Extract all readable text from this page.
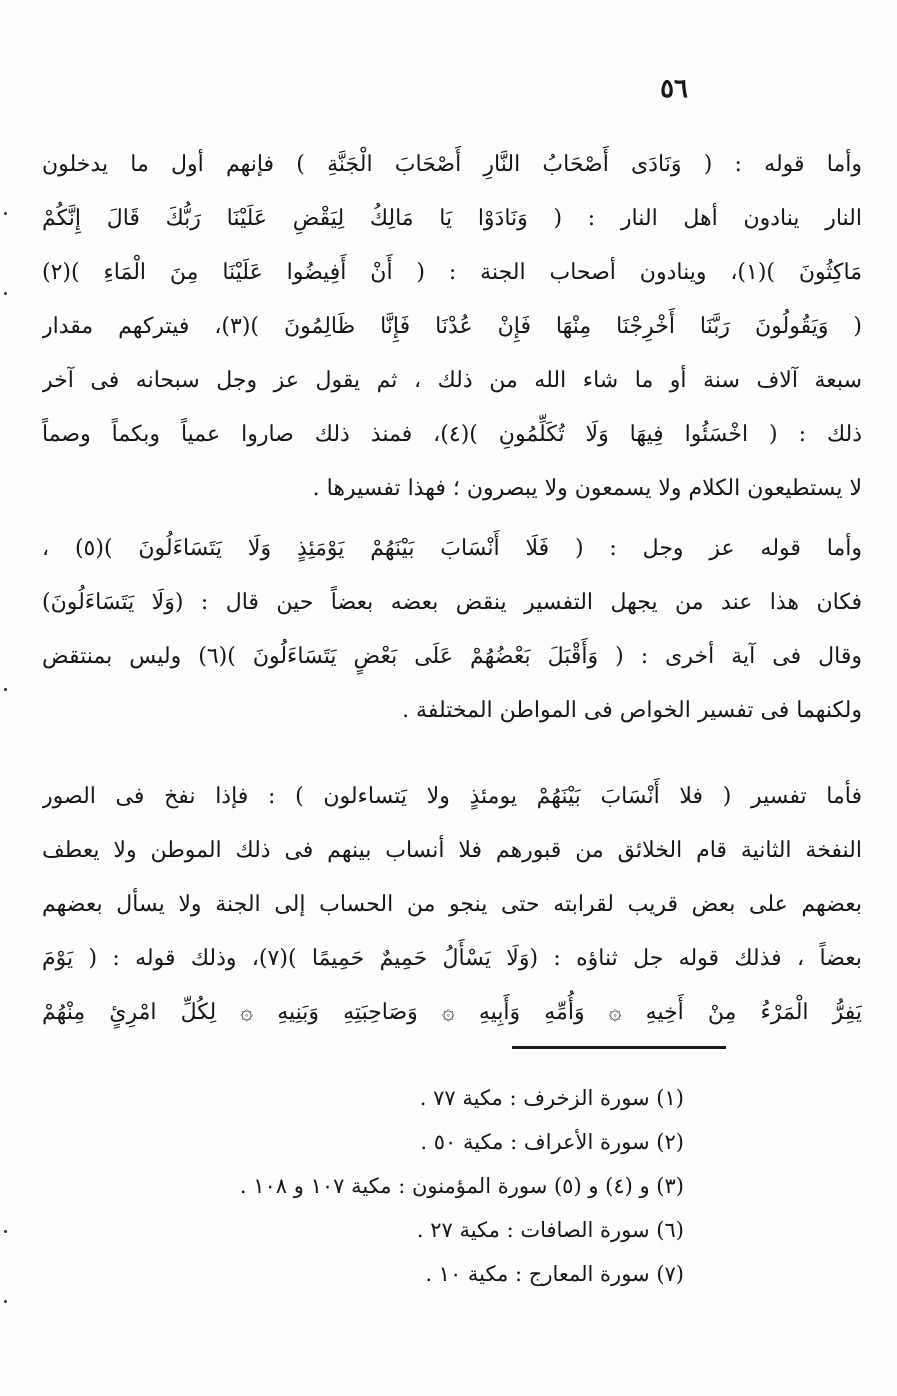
٥٦
وأما قوله : ( وَنَادَى أَصْحَابُ النَّارِ أَصْحَابَ الْجَنَّةِ ) فإنهم أول ما يدخلون
النار ينادون أهل النار : ( وَنَادَوْا يَا مَالِكُ لِيَقْضِ عَلَيْنَا رَبُّكَ قَالَ إِنَّكُمْ
مَاكِثُونَ )(١)، وينادون أصحاب الجنة : ( أَنْ أَفِيضُوا عَلَيْنَا مِنَ الْمَاءِ )(٢)
( وَيَقُولُونَ رَبَّنَا أَخْرِجْنَا مِنْهَا فَإِنْ عُدْنَا فَإِنَّا ظَالِمُونَ )(٣)، فيتركهم مقدار
سبعة آلاف سنة أو ما شاء الله من ذلك ، ثم يقول عز وجل سبحانه فى آخر
ذلك : ( اخْسَئُوا فِيهَا وَلَا تُكَلِّمُونِ )(٤)، فمنذ ذلك صاروا عمياً وبكماً وصماً
لا يستطيعون الكلام ولا يسمعون ولا يبصرون ؛ فهذا تفسيرها .
وأما قوله عز وجل : ( فَلَا أَنْسَابَ بَيْنَهُمْ يَوْمَئِذٍ وَلَا يَتَسَاءَلُونَ )(٥) ،
فكان هذا عند من يجهل التفسير ينقض بعضه بعضاً حين قال : (وَلَا يَتَسَاءَلُونَ)
وقال فى آية أخرى : ( وَأَقْبَلَ بَعْضُهُمْ عَلَى بَعْضٍ يَتَسَاءَلُونَ )(٦) وليس بمنتقض
ولكنهما فى تفسير الخواص فى المواطن المختلفة .
فأما تفسير ( فلا أَنْسَابَ بَيْنَهُمْ يومئذٍ ولا يَتساءلون ) : فإذا نفخ فى الصور
النفخة الثانية قام الخلائق من قبورهم فلا أنساب بينهم فى ذلك الموطن ولا يعطف
بعضهم على بعض قريب لقرابته حتى ينجو من الحساب إلى الجنة ولا يسأل بعضهم
بعضاً ، فذلك قوله جل ثناؤه : (وَلَا يَسْأَلُ حَمِيمٌ حَمِيمًا )(٧)، وذلك قوله : ( يَوْمَ
يَفِرُّ الْمَرْءُ مِنْ أَخِيهِ ۞ وَأُمِّهِ وَأَبِيهِ ۞ وَصَاحِبَتِهِ وَبَنِيهِ ۞ لِكُلِّ امْرِئٍ مِنْهُمْ
(١) سورة الزخرف : مكية ٧٧ .
(٢) سورة الأعراف : مكية ٥٠ .
(٣) و (٤) و (٥) سورة المؤمنون : مكية ١٠٧ و ١٠٨ .
(٦) سورة الصافات : مكية ٢٧ .
(٧) سورة المعارج : مكية ١٠ .
